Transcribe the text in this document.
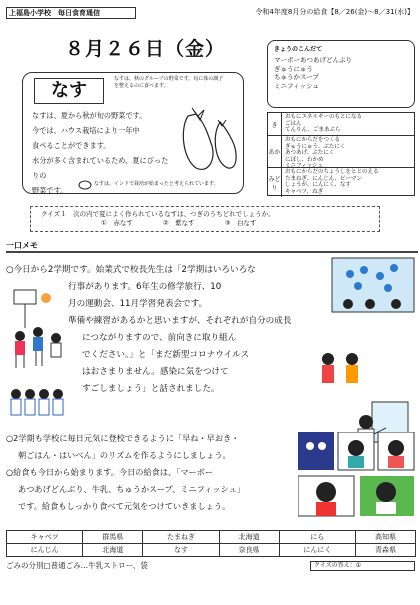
上福島小学校　毎日食育通信	令和4年度8月分の給食【8／26(金)～8／31(水)】
８月２６日（金）	きょうのこんだて
マーボーあつあげどんぶり
ぎゅうにゅう
ちゅうかスープ
ミニフィッシュ
き
おもにエネルギーのもとになる
ごはん
てんりん、ごまあぶら
あか
おもにからだをつくる
ぎゅうにゅう、ぶたにく
あつあげ、ぶたにく
にぼし、わかめ
ミニフィッシュ
みどり
おもにからだのちょうしをととのえる
たまねぎ、にんじん、ピーマン
しょうが、にんにく、なす
キャベツ、ねぎ
なす
なすは、秋のグループの野菜です。旬に体の調子を整えるのに食べます。
なすは、夏から秋が旬の野菜です。
今では、ハウス栽培により一年中
食べることができます。
水分が多く含まれているため、夏にぴったりの
野菜です。
なすは、インドで栽培が始まったと考えられています。
クイズ１　次の内で夏によく作られているなすは、つぎのうちどれでしょうか。
①　赤なす	②　紫なす	③　白なす
一口メモ
○今日から2学期です。始業式で校長先生は「2学期はいろいろな
行事があります。6年生の修学旅行、10
月の運動会、11月学習発表会です。
準備や練習があるかと思いますが、それぞれが自分の成長
につながりますので、前向きに取り組ん
でください。」と「まだ新型コロナウイルス
はおさまりません。感染に気をつけて
すごしましょう」と話されました。
○2学期も学校に毎日元気に登校できるように「早ね・早おき・
朝ごはん・はいべん」のリズムを作るようにしましょう。
○給食も今日から始まります。今日の給食は、「マーボー
あつあげどんぶり、牛乳、ちゅうかスープ、ミニフィッシュ」
です。給食もしっかり食べて元気をつけていきましょう。
キャベツ	群馬県	たまねぎ	北海道	にら	高知県
にんじん	北海道	なす	奈良県	にんにく	青森県
ごみの分別□普通ごみ…牛乳ストロー、袋	クイズの答え：①
